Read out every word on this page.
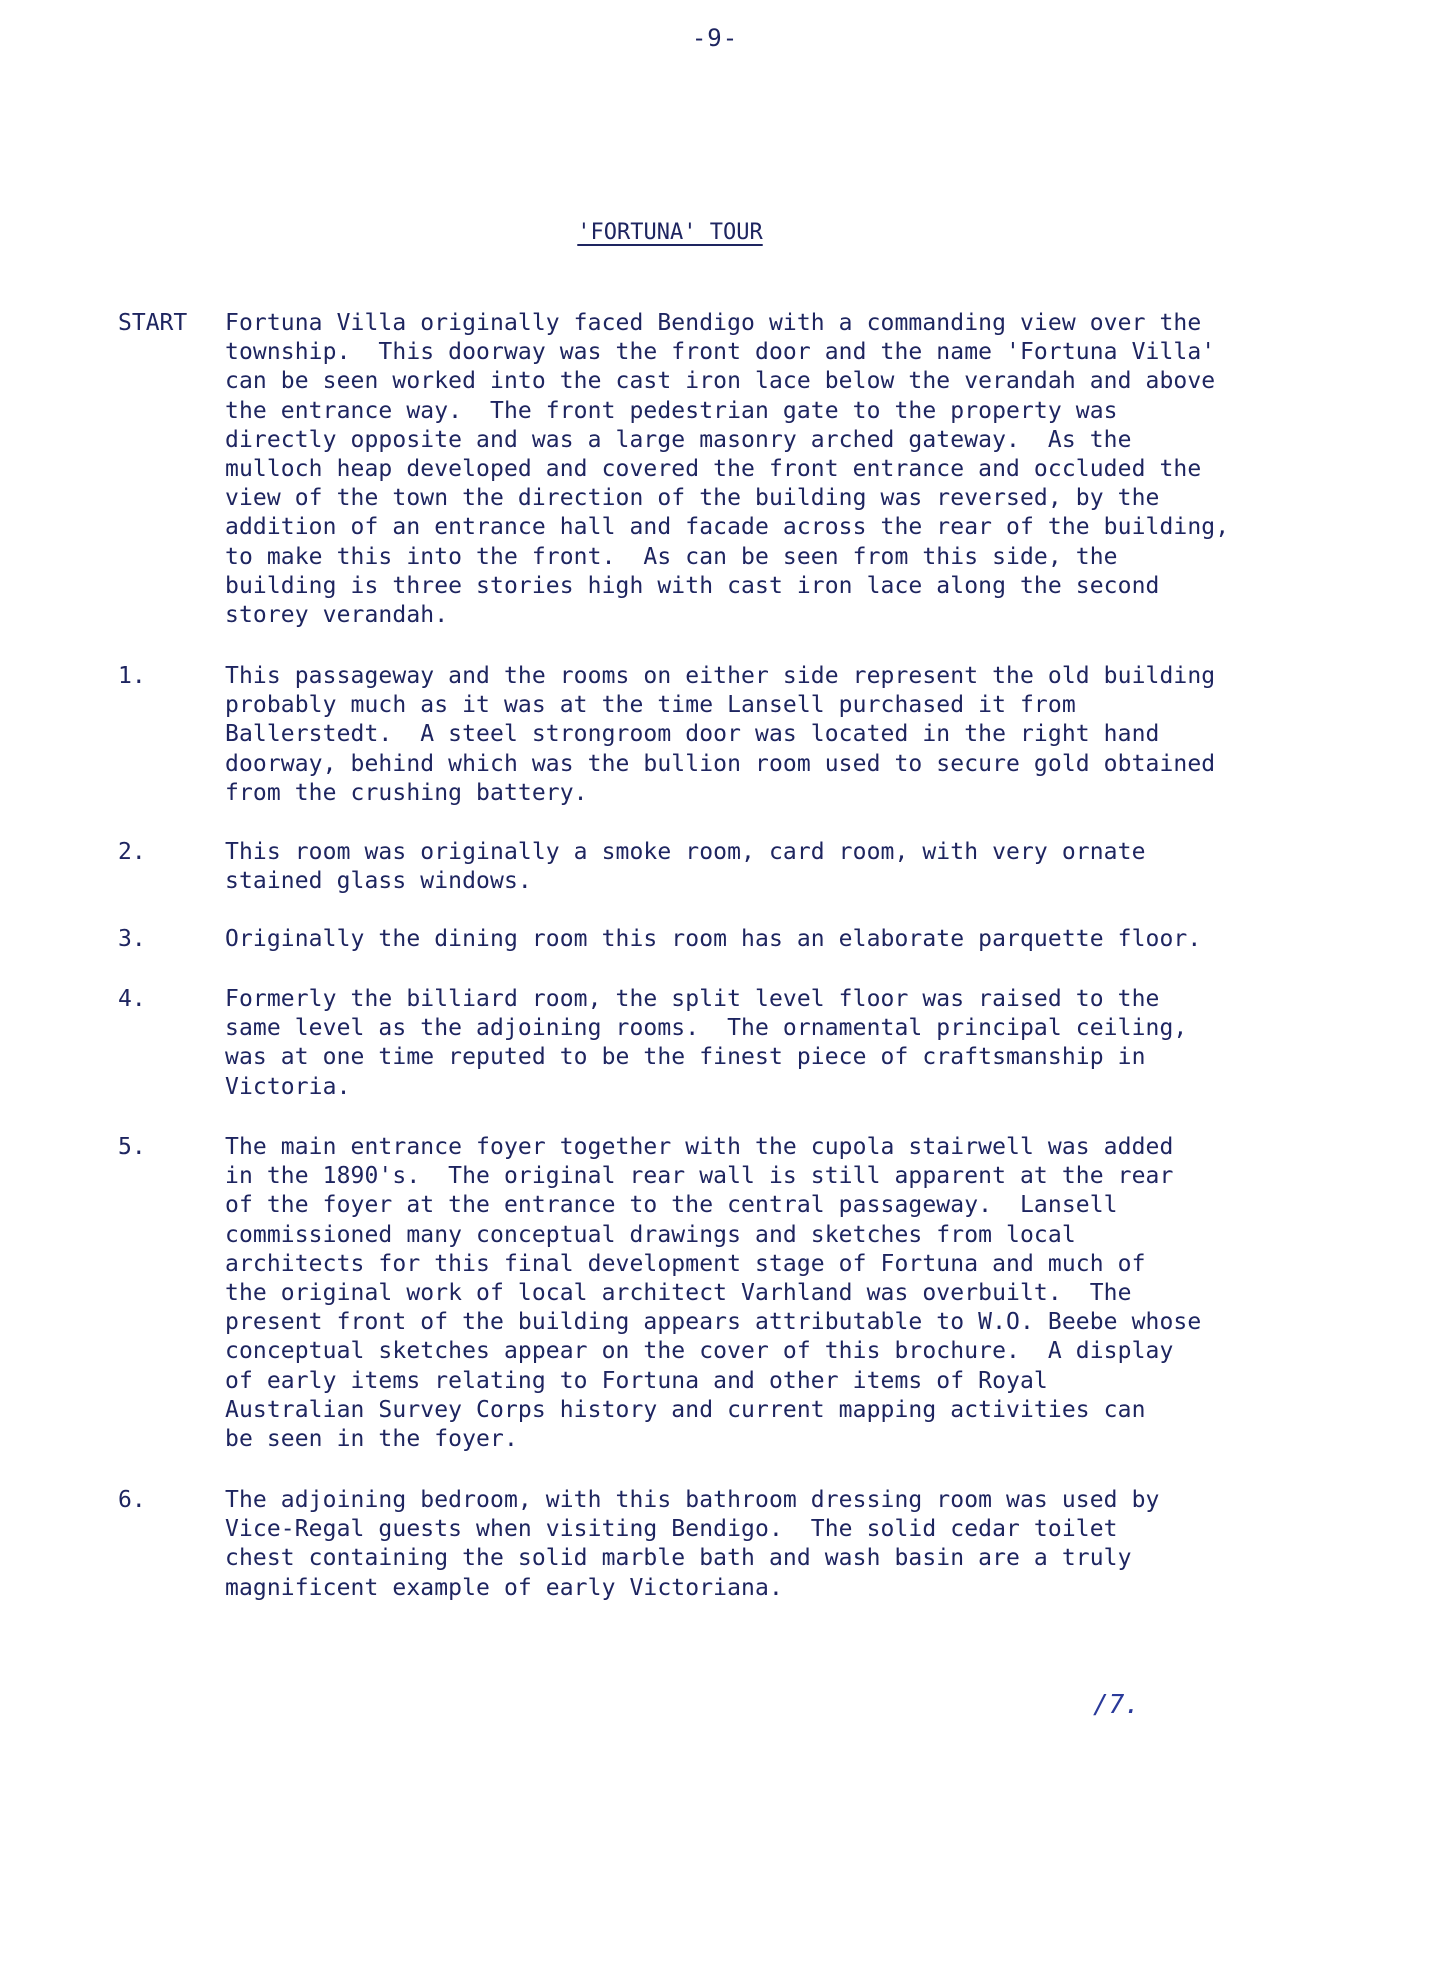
-9-
'FORTUNA' TOUR
START Fortuna Villa originally faced Bendigo with a commanding view over the
township.  This doorway was the front door and the name 'Fortuna Villa'
can be seen worked into the cast iron lace below the verandah and above
the entrance way.  The front pedestrian gate to the property was
directly opposite and was a large masonry arched gateway.  As the
mulloch heap developed and covered the front entrance and occluded the
view of the town the direction of the building was reversed, by the
addition of an entrance hall and facade across the rear of the building,
to make this into the front.  As can be seen from this side, the
building is three stories high with cast iron lace along the second
storey verandah.
1.	This passageway and the rooms on either side represent the old building
probably much as it was at the time Lansell purchased it from
Ballerstedt.  A steel strongroom door was located in the right hand
doorway, behind which was the bullion room used to secure gold obtained
from the crushing battery.
2.	This room was originally a smoke room, card room, with very ornate
stained glass windows.
3.	Originally the dining room this room has an elaborate parquette floor.
4.	Formerly the billiard room, the split level floor was raised to the
same level as the adjoining rooms.  The ornamental principal ceiling,
was at one time reputed to be the finest piece of craftsmanship in
Victoria.
5.	The main entrance foyer together with the cupola stairwell was added
in the 1890's.  The original rear wall is still apparent at the rear
of the foyer at the entrance to the central passageway.  Lansell
commissioned many conceptual drawings and sketches from local
architects for this final development stage of Fortuna and much of
the original work of local architect Varhland was overbuilt.  The
present front of the building appears attributable to W.O. Beebe whose
conceptual sketches appear on the cover of this brochure.  A display
of early items relating to Fortuna and other items of Royal
Australian Survey Corps history and current mapping activities can
be seen in the foyer.
6.	The adjoining bedroom, with this bathroom dressing room was used by
Vice-Regal guests when visiting Bendigo.  The solid cedar toilet
chest containing the solid marble bath and wash basin are a truly
magnificent example of early Victoriana.
/7.
